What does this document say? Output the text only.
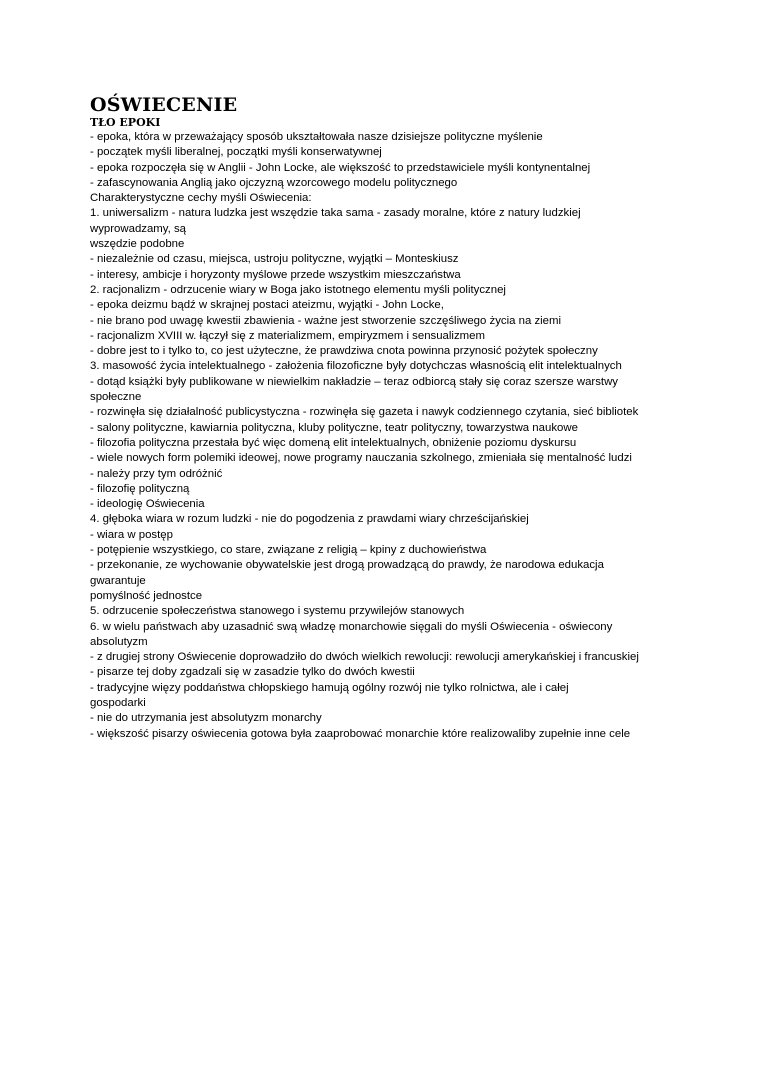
OŚWIECENIE
TŁO EPOKI

- epoka, która w przeważający sposób ukształtowała nasze dzisiejsze polityczne myślenie

- początek myśli liberalnej, początki myśli konserwatywnej

- epoka rozpoczęła się w Anglii - John Locke, ale większość to przedstawiciele myśli kontynentalnej

- zafascynowania Anglią jako ojczyzną wzorcowego modelu politycznego

Charakterystyczne cechy myśli Oświecenia:

1. uniwersalizm - natura ludzka jest wszędzie taka sama - zasady moralne, które z natury ludzkiej

wyprowadzamy, są

wszędzie podobne

- niezależnie od czasu, miejsca, ustroju polityczne, wyjątki – Monteskiusz

- interesy, ambicje i horyzonty myślowe przede wszystkim mieszczaństwa

2. racjonalizm - odrzucenie wiary w Boga jako istotnego elementu myśli politycznej

- epoka deizmu bądź w skrajnej postaci ateizmu, wyjątki - John Locke,

- nie brano pod uwagę kwestii zbawienia - ważne jest stworzenie szczęśliwego życia na ziemi

- racjonalizm XVIII w. łączył się z materializmem, empiryzmem i sensualizmem

- dobre jest to i tylko to, co jest użyteczne, że prawdziwa cnota powinna przynosić pożytek społeczny

3. masowość życia intelektualnego - założenia filozoficzne były dotychczas własnością elit intelektualnych

- dotąd książki były publikowane w niewielkim nakładzie – teraz odbiorcą stały się coraz szersze warstwy

społeczne

- rozwinęła się działalność publicystyczna - rozwinęła się gazeta i nawyk codziennego czytania, sieć bibliotek

- salony polityczne, kawiarnia polityczna, kluby polityczne, teatr polityczny, towarzystwa naukowe

- filozofia polityczna przestała być więc domeną elit intelektualnych, obniżenie poziomu dyskursu

- wiele nowych form polemiki ideowej, nowe programy nauczania szkolnego, zmieniała się mentalność ludzi

- należy przy tym odróżnić

- filozofię polityczną

- ideologię Oświecenia

4. głęboka wiara w rozum ludzki - nie do pogodzenia z prawdami wiary chrześcijańskiej

- wiara w postęp

- potępienie wszystkiego, co stare, związane z religią – kpiny z duchowieństwa

- przekonanie, ze wychowanie obywatelskie jest drogą prowadzącą do prawdy, że narodowa edukacja

gwarantuje

pomyślność jednostce

5. odrzucenie społeczeństwa stanowego i systemu przywilejów stanowych

6. w wielu państwach aby uzasadnić swą władzę monarchowie sięgali do myśli Oświecenia - oświecony

absolutyzm

- z drugiej strony Oświecenie doprowadziło do dwóch wielkich rewolucji: rewolucji amerykańskiej i francuskiej

- pisarze tej doby zgadzali się w zasadzie tylko do dwóch kwestii

- tradycyjne więzy poddaństwa chłopskiego hamują ogólny rozwój nie tylko rolnictwa, ale i całej

gospodarki

- nie do utrzymania jest absolutyzm monarchy

- większość pisarzy oświecenia gotowa była zaaprobować monarchie które realizowaliby zupełnie inne cele
